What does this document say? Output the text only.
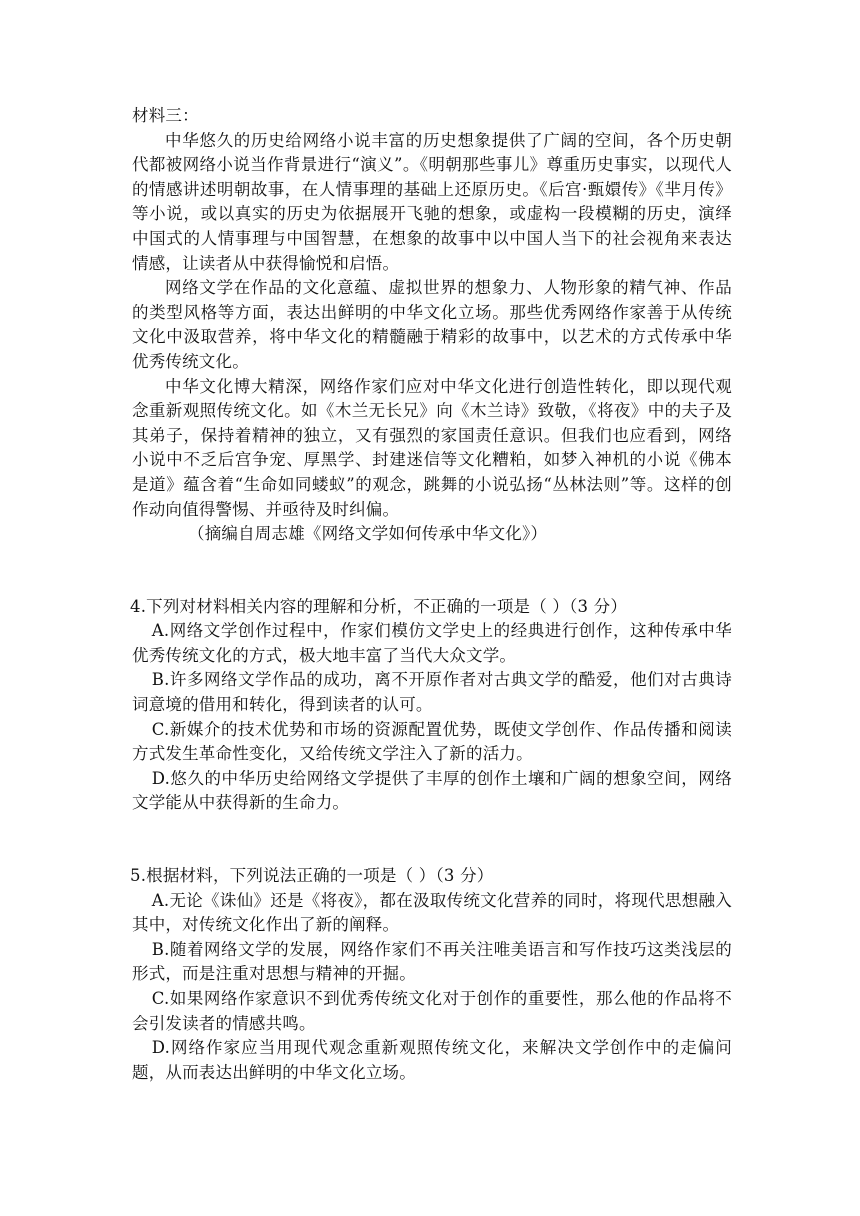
材料三：

中华悠久的历史给网络小说丰富的历史想象提供了广阔的空间，各个历史朝代都被网络小说当作背景进行“演义”。《明朝那些事儿》尊重历史事实，以现代人的情感讲述明朝故事，在人情事理的基础上还原历史。《后宫·甄嬛传》《芈月传》等小说，或以真实的历史为依据展开飞驰的想象，或虚构一段模糊的历史，演绎中国式的人情事理与中国智慧，在想象的故事中以中国人当下的社会视角来表达情感，让读者从中获得愉悦和启悟。

网络文学在作品的文化意蕴、虚拟世界的想象力、人物形象的精气神、作品的类型风格等方面，表达出鲜明的中华文化立场。那些优秀网络作家善于从传统文化中汲取营养，将中华文化的精髓融于精彩的故事中，以艺术的方式传承中华优秀传统文化。

中华文化博大精深，网络作家们应对中华文化进行创造性转化，即以现代观念重新观照传统文化。如《木兰无长兄》向《木兰诗》致敬，《将夜》中的夫子及其弟子，保持着精神的独立，又有强烈的家国责任意识。但我们也应看到，网络小说中不乏后宫争宠、厚黑学、封建迷信等文化糟粕，如梦入神机的小说《佛本是道》蕴含着“生命如同蝼蚁”的观念，跳舞的小说弘扬“丛林法则”等。这样的创作动向值得警惕、并亟待及时纠偏。

（摘编自周志雄《网络文学如何传承中华文化》）

4.下列对材料相关内容的理解和分析，不正确的一项是（ ）（3 分）

A.网络文学创作过程中，作家们模仿文学史上的经典进行创作，这种传承中华优秀传统文化的方式，极大地丰富了当代大众文学。

B.许多网络文学作品的成功，离不开原作者对古典文学的酷爱，他们对古典诗词意境的借用和转化，得到读者的认可。

C.新媒介的技术优势和市场的资源配置优势，既使文学创作、作品传播和阅读方式发生革命性变化，又给传统文学注入了新的活力。

D.悠久的中华历史给网络文学提供了丰厚的创作土壤和广阔的想象空间，网络文学能从中获得新的生命力。

5.根据材料，下列说法正确的一项是（ ）（3 分）

A.无论《诛仙》还是《将夜》，都在汲取传统文化营养的同时，将现代思想融入其中，对传统文化作出了新的阐释。

B.随着网络文学的发展，网络作家们不再关注唯美语言和写作技巧这类浅层的形式，而是注重对思想与精神的开掘。

C.如果网络作家意识不到优秀传统文化对于创作的重要性，那么他的作品将不会引发读者的情感共鸣。

D.网络作家应当用现代观念重新观照传统文化，来解决文学创作中的走偏问题，从而表达出鲜明的中华文化立场。
